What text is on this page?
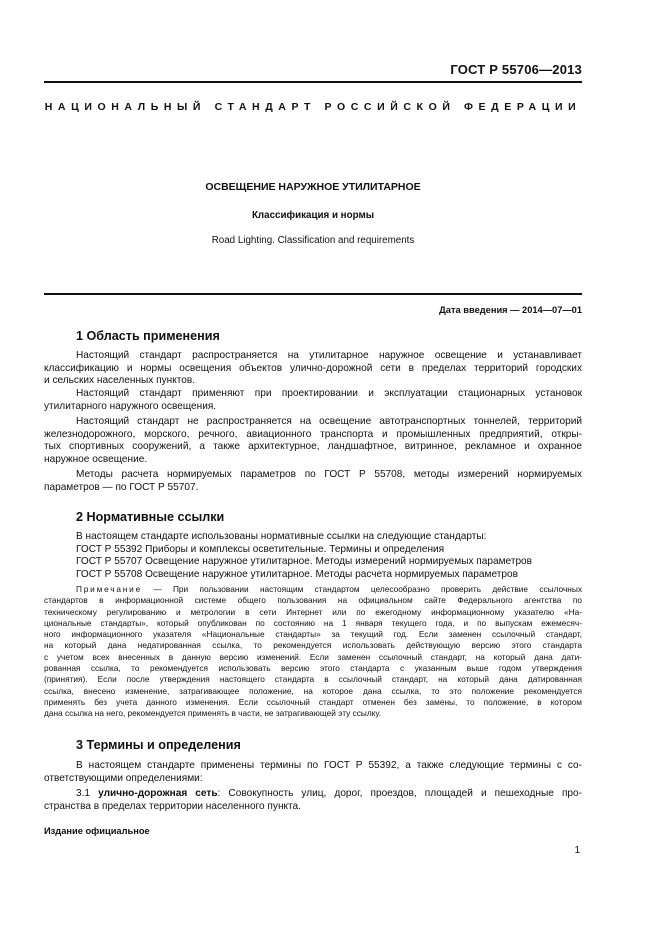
ГОСТ Р 55706—2013
НАЦИОНАЛЬНЫЙ СТАНДАРТ РОССИЙСКОЙ ФЕДЕРАЦИИ
ОСВЕЩЕНИЕ НАРУЖНОЕ УТИЛИТАРНОЕ
Классификация и нормы
Road Lighting. Classification and requirements
Дата введения — 2014—07—01
1 Область применения
Настоящий стандарт распространяется на утилитарное наружное освещение и устанавливает
классификацию и нормы освещения объектов улично-дорожной сети в пределах территорий городских
и сельских населенных пунктов.
Настоящий стандарт применяют при проектировании и эксплуатации стационарных установок
утилитарного наружного освещения.
Настоящий стандарт не распространяется на освещение автотранспортных тоннелей, территорий
железнодорожного, морского, речного, авиационного транспорта и промышленных предприятий, откры-
тых спортивных сооружений, а также архитектурное, ландшафтное, витринное, рекламное и охранное
наружное освещение.
Методы расчета нормируемых параметров по ГОСТ Р 55708, методы измерений нормируемых
параметров — по ГОСТ Р 55707.
2 Нормативные ссылки
В настоящем стандарте использованы нормативные ссылки на следующие стандарты:
ГОСТ Р 55392 Приборы и комплексы осветительные. Термины и определения
ГОСТ Р 55707 Освещение наружное утилитарное. Методы измерений нормируемых параметров
ГОСТ Р 55708 Освещение наружное утилитарное. Методы расчета нормируемых параметров
Примечание — При пользовании настоящим стандартом целесообразно проверить действие ссылочных
стандартов в информационной системе общего пользования на официальном сайте Федерального агентства по
техническому регулированию и метрологии в сети Интернет или по ежегодному информационному указателю «На-
циональные стандарты», который опубликован по состоянию на 1 января текущего года, и по выпускам ежемесяч-
ного информационного указателя «Национальные стандарты» за текущий год. Если заменен ссылочный стандарт,
на который дана недатированная ссылка, то рекомендуется использовать действующую версию этого стандарта
с учетом всех внесенных в данную версию изменений. Если заменен ссылочный стандарт, на который дана дати-
рованная ссылка, то рекомендуется использовать версию этого стандарта с указанным выше годом утверждения
(принятия). Если после утверждения настоящего стандарта в ссылочный стандарт, на который дана датированная
ссылка, внесено изменение, затрагивающее положение, на которое дана ссылка, то это положение рекомендуется
применять без учета данного изменения. Если ссылочный стандарт отменен без замены, то положение, в котором
дана ссылка на него, рекомендуется применять в части, не затрагивающей эту ссылку.
3 Термины и определения
В настоящем стандарте применены термины по ГОСТ Р 55392, а также следующие термины с со-
ответствующими определениями:
3.1 улично-дорожная сеть: Совокупность улиц, дорог, проездов, площадей и пешеходные про-
странства в пределах территории населенного пункта.
Издание официальное
1
